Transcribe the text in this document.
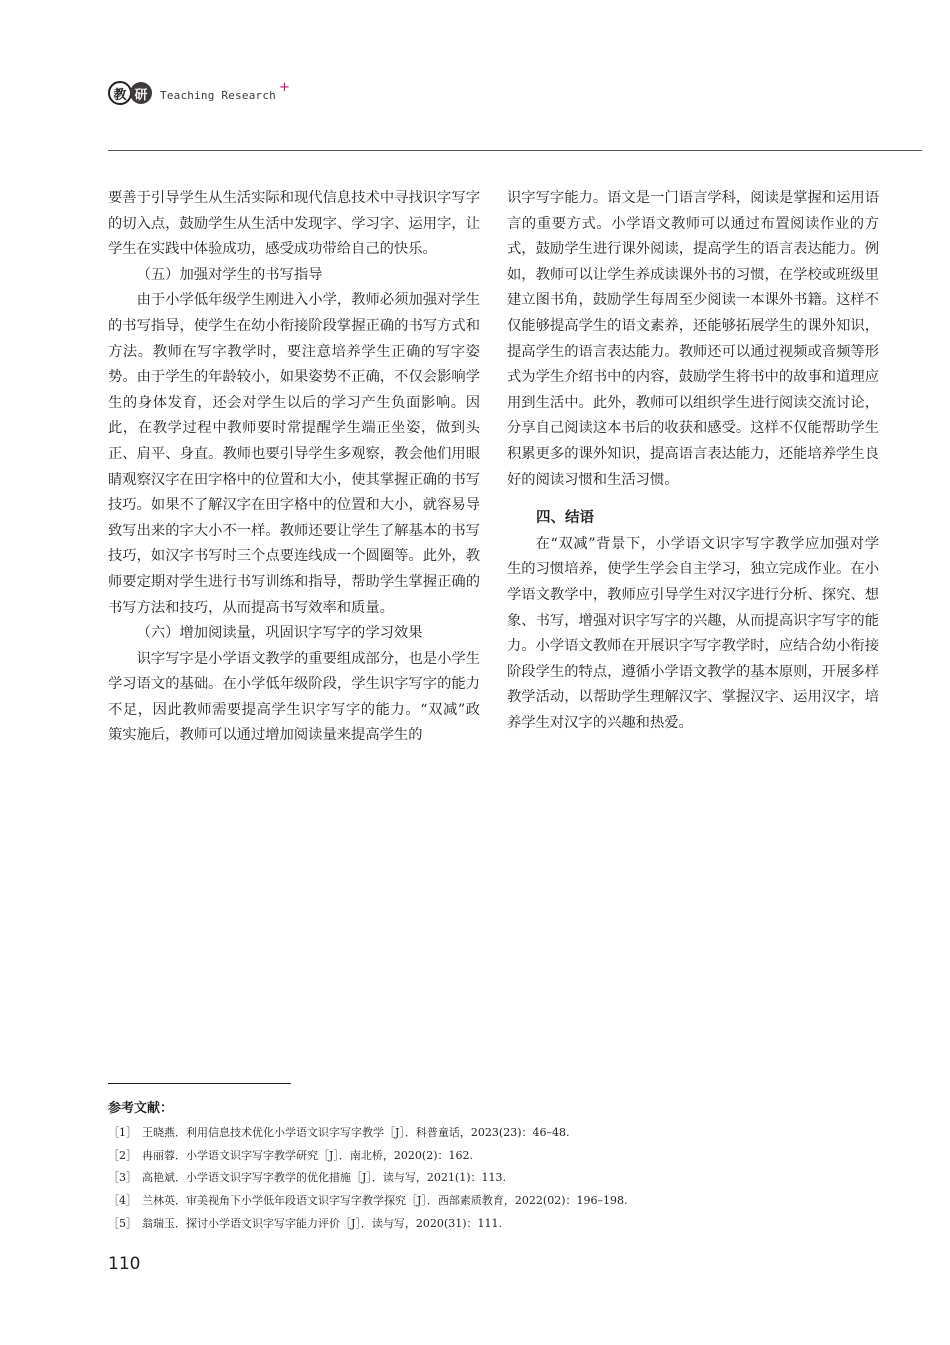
教 研	Teaching Research
+

要善于引导学生从生活实际和现代信息技术中寻找识字写字的切入点，鼓励学生从生活中发现字、学习字、运用字，让学生在实践中体验成功，感受成功带给自己的快乐。

（五）加强对学生的书写指导

由于小学低年级学生刚进入小学，教师必须加强对学生的书写指导，使学生在幼小衔接阶段掌握正确的书写方式和方法。教师在写字教学时，要注意培养学生正确的写字姿势。由于学生的年龄较小，如果姿势不正确，不仅会影响学生的身体发育，还会对学生以后的学习产生负面影响。因此，在教学过程中教师要时常提醒学生端正坐姿，做到头正、肩平、身直。教师也要引导学生多观察，教会他们用眼睛观察汉字在田字格中的位置和大小，使其掌握正确的书写技巧。如果不了解汉字在田字格中的位置和大小，就容易导致写出来的字大小不一样。教师还要让学生了解基本的书写技巧，如汉字书写时三个点要连线成一个圆圈等。此外，教师要定期对学生进行书写训练和指导，帮助学生掌握正确的书写方法和技巧，从而提高书写效率和质量。

（六）增加阅读量，巩固识字写字的学习效果

识字写字是小学语文教学的重要组成部分，也是小学生学习语文的基础。在小学低年级阶段，学生识字写字的能力不足，因此教师需要提高学生识字写字的能力。“双减”政策实施后，教师可以通过增加阅读量来提高学生的

识字写字能力。语文是一门语言学科，阅读是掌握和运用语言的重要方式。小学语文教师可以通过布置阅读作业的方式，鼓励学生进行课外阅读，提高学生的语言表达能力。例如，教师可以让学生养成读课外书的习惯，在学校或班级里建立图书角，鼓励学生每周至少阅读一本课外书籍。这样不仅能够提高学生的语文素养，还能够拓展学生的课外知识，提高学生的语言表达能力。教师还可以通过视频或音频等形式为学生介绍书中的内容，鼓励学生将书中的故事和道理应用到生活中。此外，教师可以组织学生进行阅读交流讨论，分享自己阅读这本书后的收获和感受。这样不仅能帮助学生积累更多的课外知识，提高语言表达能力，还能培养学生良好的阅读习惯和生活习惯。

四、结语

在“双减”背景下，小学语文识字写字教学应加强对学生的习惯培养，使学生学会自主学习，独立完成作业。在小学语文教学中，教师应引导学生对汉字进行分析、探究、想象、书写，增强对识字写字的兴趣，从而提高识字写字的能力。小学语文教师在开展识字写字教学时，应结合幼小衔接阶段学生的特点，遵循小学语文教学的基本原则，开展多样教学活动，以帮助学生理解汉字、掌握汉字、运用汉字，培养学生对汉字的兴趣和热爱。

参考文献：
［1］ 王晓燕．利用信息技术优化小学语文识字写字教学［J］．科普童话，2023(23)：46–48.
［2］ 冉丽蓉．小学语文识字写字教学研究［J］．南北桥，2020(2)：162.
［3］ 高艳斌．小学语文识字写字教学的优化措施［J］．读与写，2021(1)：113.
［4］ 兰林英．审美视角下小学低年段语文识字写字教学探究［J］．西部素质教育，2022(02)：196–198.
［5］ 翁瑞玉．探讨小学语文识字写字能力评价［J］．读与写，2020(31)：111.
110
